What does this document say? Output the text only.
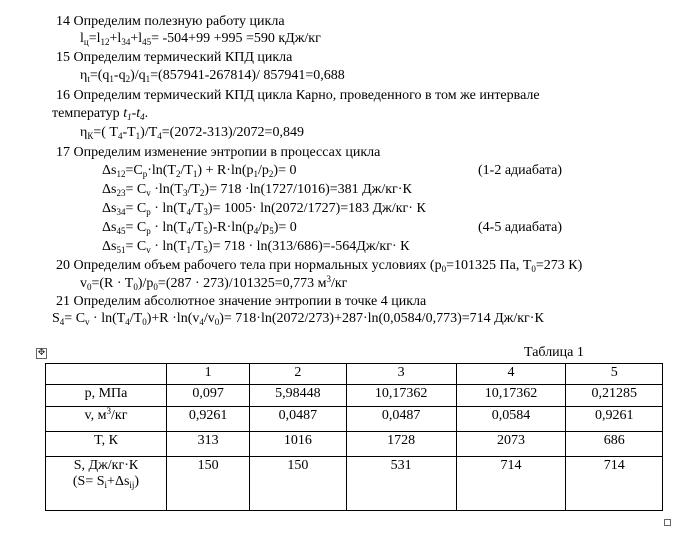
14 Определим полезную работу цикла
$l_ц=l_{12}+l_{34}+l_{45}= -504+99 +995 =590$ кДж/кг
15 Определим термический КПД цикла
$\eta_t=(q_1-q_2)/q_1=(857941-267814)/$ 857941=0,688
16 Определим термический КПД цикла Карно, проведенного в том же интервале
температур $t_1-t_4$.
$\eta_К=$( $T_4-T_1)/T_4=(2072-313)/2072=0,849$
17 Определим изменение энтропии в процессах цикла
$\Delta s_{12}=C_p\cdot\ln(T_2/T_1) + R\cdot\ln(p_1/p_2)= 0$	(1-2 адиабата)
$\Delta s_{23}= C_v \cdot\ln(T_3/T_2)= 718 \cdot\ln(1727/1016)=381$ Дж/кг·К
$\Delta s_{34}= C_p \cdot \ln(T_4/T_3)= 1005\cdot \ln(2072/1727)=183$ Дж/кг· К
$\Delta s_{45}= C_p \cdot \ln(T_4/T_5)-R\cdot\ln(p_4/p_5)= 0$	(4-5 адиабата)
$\Delta s_{51}= C_v \cdot \ln(T_1/T_5)= 718 \cdot \ln(313/686)=-564Дж/кг\cdot К$
20 Определим объем рабочего тела при нормальных условиях ($p_0=101325$ Па, $T_0=273$ К)
$v_0=(R \cdot T_0)/p_0=(287 \cdot 273)/101325=0,773$ $м^3/кг$
21 Определим абсолютное значение энтропии в точке 4 цикла
$S_4= C_v \cdot \ln(T_4/T_0)+R \cdot\ln(v_4/v_0)= 718\cdot\ln(2072/273)+287\cdot\ln(0,0584/0,773)=714$ Дж/кг·К
✥	Таблица 1
	1	2	3	4	5
p, МПа	0,097	5,98448	10,17362	10,17362	0,21285
v, $м^3/кг$	0,9261	0,0487	0,0487	0,0584	0,9261
T, К	313	1016	1728	2073	686
S, Дж/кг·К
$(S= S_i+\Delta s_{ij})$	150	150	531	714	714
